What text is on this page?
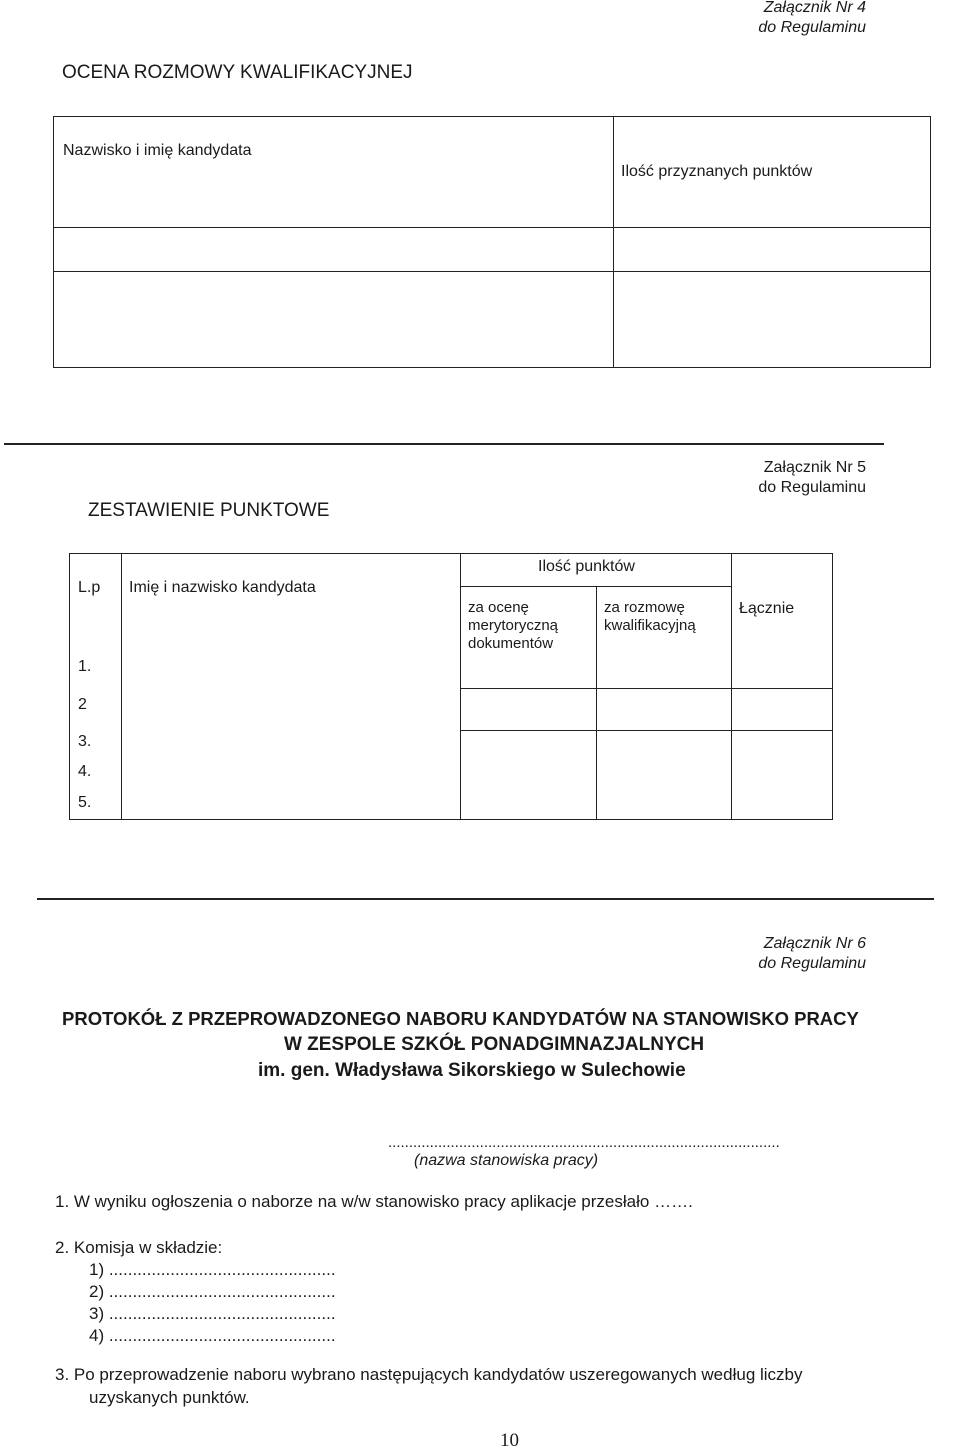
Załącznik Nr 4
do Regulaminu
OCENA ROZMOWY KWALIFIKACYJNEJ
Nazwisko i imię kandydata
Ilość przyznanych punktów
Załącznik Nr 5
do Regulaminu
ZESTAWIENIE PUNKTOWE
L.p Imię i nazwisko kandydata
Ilość punktów
za ocenę
merytoryczną
dokumentów
za rozmowę
kwalifikacyjną
Łącznie
1.
2
3.
4.
5.
Załącznik Nr 6
do Regulaminu
PROTOKÓŁ Z PRZEPROWADZONEGO NABORU KANDYDATÓW NA STANOWISKO PRACY
W ZESPOLE SZKÓŁ PONADGIMNAZJALNYCH
im. gen. Władysława Sikorskiego w Sulechowie
..............................................................................................
(nazwa stanowiska pracy)
1. W wyniku ogłoszenia o naborze na w/w stanowisko pracy aplikacje przesłało …….
2. Komisja w składzie:
1) ................................................
2) ................................................
3) ................................................
4) ................................................
3. Po przeprowadzenie naboru wybrano następujących kandydatów uszeregowanych według liczby
uzyskanych punktów.
10
